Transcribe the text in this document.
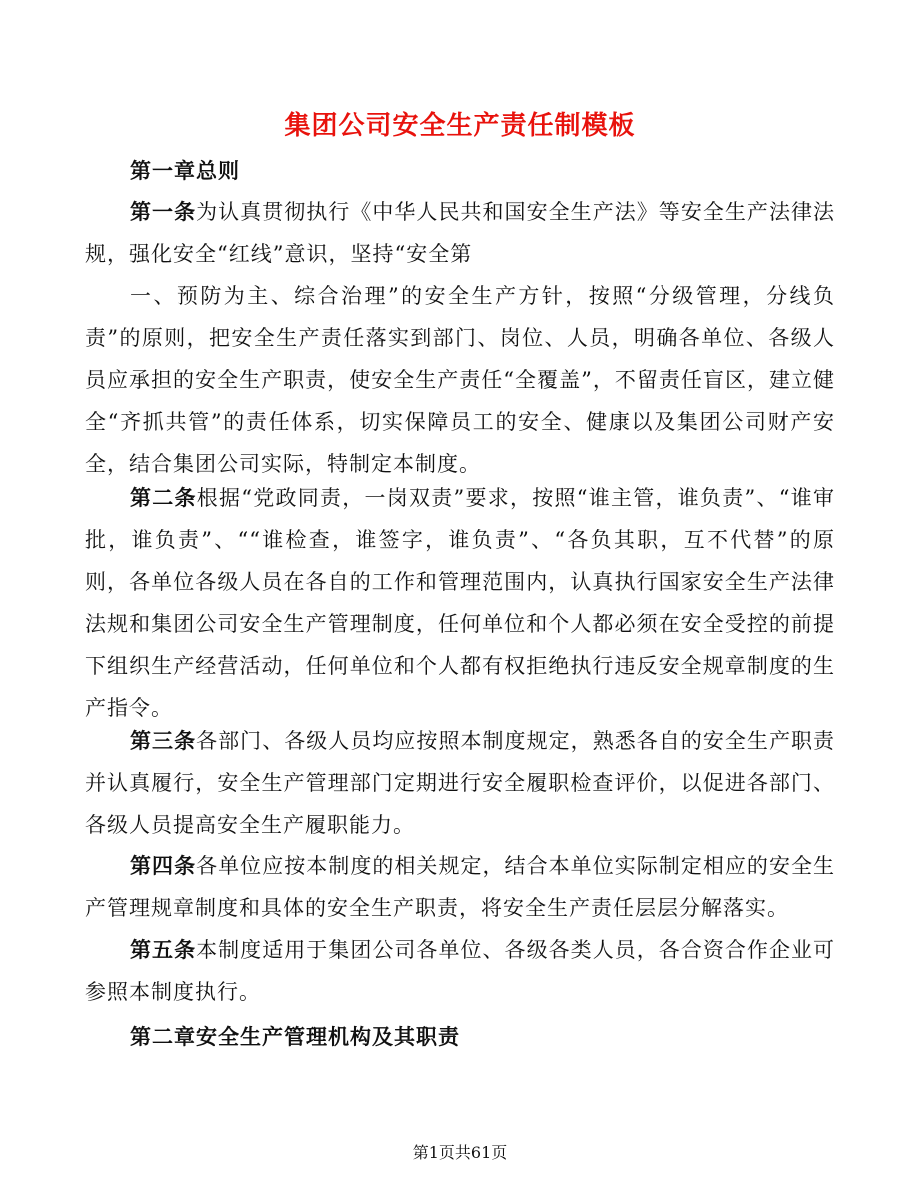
集团公司安全生产责任制模板
第一章总则
第一条为认真贯彻执行《中华人民共和国安全生产法》等安全生产法律法规，强化安全“红线”意识，坚持“安全第
一、预防为主、综合治理”的安全生产方针，按照“分级管理，分线负责”的原则，把安全生产责任落实到部门、岗位、人员，明确各单位、各级人员应承担的安全生产职责，使安全生产责任“全覆盖”，不留责任盲区，建立健全“齐抓共管”的责任体系，切实保障员工的安全、健康以及集团公司财产安全，结合集团公司实际，特制定本制度。
第二条根据“党政同责，一岗双责”要求，按照“谁主管，谁负责”、“谁审批，谁负责”、““谁检查，谁签字，谁负责”、“各负其职，互不代替”的原则，各单位各级人员在各自的工作和管理范围内，认真执行国家安全生产法律法规和集团公司安全生产管理制度，任何单位和个人都必须在安全受控的前提下组织生产经营活动，任何单位和个人都有权拒绝执行违反安全规章制度的生产指令。
第三条各部门、各级人员均应按照本制度规定，熟悉各自的安全生产职责并认真履行，安全生产管理部门定期进行安全履职检查评价，以促进各部门、各级人员提高安全生产履职能力。
第四条各单位应按本制度的相关规定，结合本单位实际制定相应的安全生产管理规章制度和具体的安全生产职责，将安全生产责任层层分解落实。
第五条本制度适用于集团公司各单位、各级各类人员，各合资合作企业可参照本制度执行。
第二章安全生产管理机构及其职责
第1页共61页
